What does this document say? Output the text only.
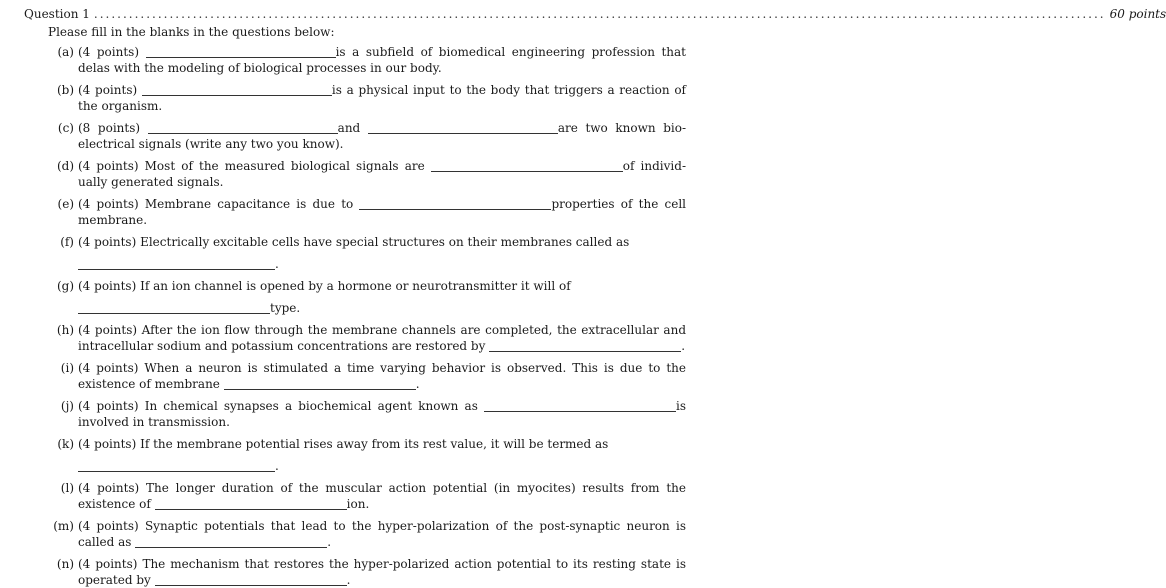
Question 1 .............................................................................................................................................................................. 60 points
Please fill in the blanks in the questions below:
(a) (4 points)	is a subfield of biomedical engineering profession that delas with the modeling of biological processes in our body.
(b) (4 points)	is a physical input to the body that triggers a reaction of the organism.
(c) (8 points)	and	are two known bio-electrical signals (write any two you know).
(d) (4 points) Most of the measured biological signals are	of individ-ually generated signals.
(e) (4 points) Membrane capacitance is due to	properties of the cell membrane.
(f) (4 points) Electrically excitable cells have special structures on their membranes called as
.
(g) (4 points) If an ion channel is opened by a hormone or neurotransmitter it will of
type.
(h) (4 points) After the ion flow through the membrane channels are completed, the extracellular and intracellular sodium and potassium concentrations are restored by	.
(i) (4 points) When a neuron is stimulated a time varying behavior is observed. This is due to the existence of membrane	.
(j) (4 points) In chemical synapses a biochemical agent known as	is involved in transmission.
(k) (4 points) If the membrane potential rises away from its rest value, it will be termed as
.
(l) (4 points) The longer duration of the muscular action potential (in myocites) results from the existence of	ion.
(m) (4 points) Synaptic potentials that lead to the hyper-polarization of the post-synaptic neuron is called as	.
(n) (4 points) The mechanism that restores the hyper-polarized action potential to its resting state is operated by	.
